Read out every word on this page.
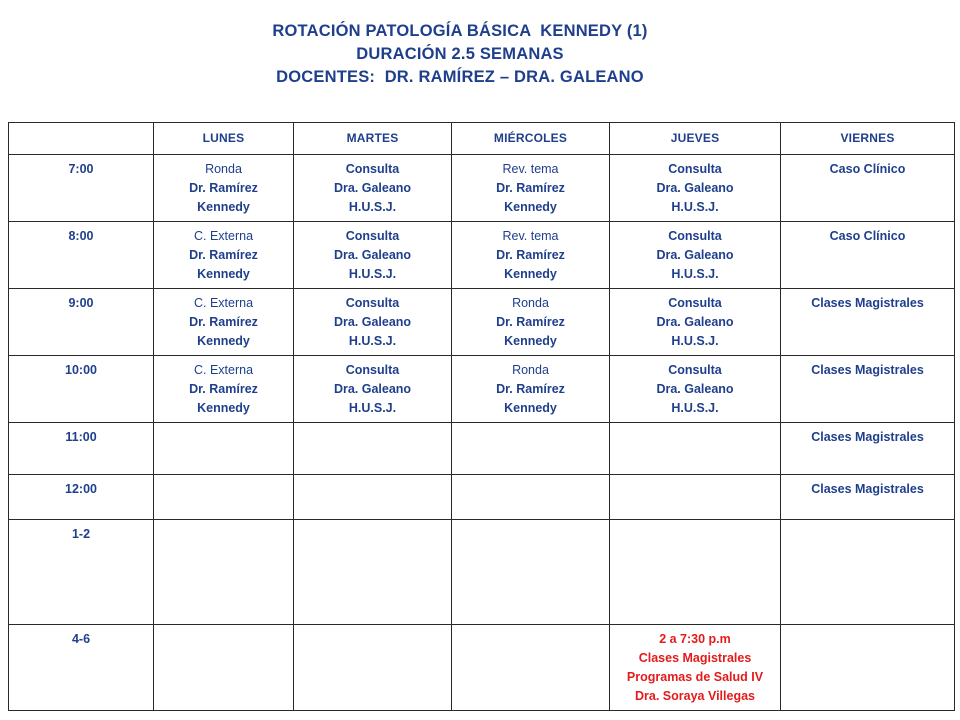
ROTACIÓN PATOLOGÍA BÁSICA  KENNEDY (1)
DURACIÓN 2.5 SEMANAS
DOCENTES:  DR. RAMÍREZ – DRA. GALEANO
	LUNES	MARTES	MIÉRCOLES	JUEVES	VIERNES
7:00	Ronda
Dr. Ramírez
Kennedy	Consulta
Dra. Galeano
H.U.S.J.	Rev. tema
Dr. Ramírez
Kennedy	Consulta
Dra. Galeano
H.U.S.J.	Caso Clínico

8:00	C. Externa
Dr. Ramírez
Kennedy	Consulta
Dra. Galeano
H.U.S.J.	Rev. tema
Dr. Ramírez
Kennedy	Consulta
Dra. Galeano
H.U.S.J.	Caso Clínico

9:00	C. Externa
Dr. Ramírez
Kennedy	Consulta
Dra. Galeano
H.U.S.J.	Ronda
Dr. Ramírez
Kennedy	Consulta
Dra. Galeano
H.U.S.J.	Clases Magistrales

10:00	C. Externa
Dr. Ramírez
Kennedy	Consulta
Dra. Galeano
H.U.S.J.	Ronda
Dr. Ramírez
Kennedy	Consulta
Dra. Galeano
H.U.S.J.	Clases Magistrales

11:00					Clases Magistrales

12:00					Clases Magistrales

1-2					
4-6				2 a 7:30 p.m
Clases Magistrales
Programas de Salud IV
Dra. Soraya Villegas	
